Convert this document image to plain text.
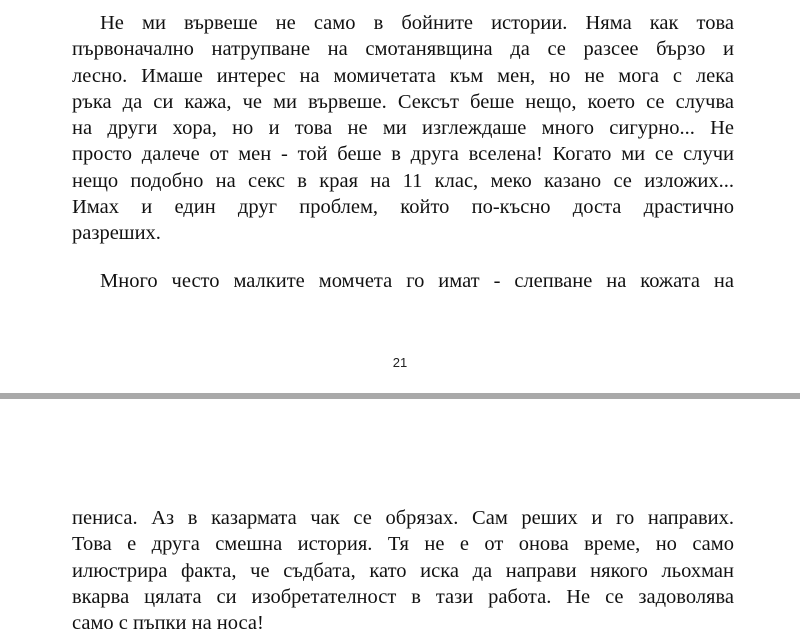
Не ми вървеше не само в бойните истории. Няма как това
първоначално натрупване на смотанявщина да се разсее бързо и
лесно. Имаше интерес на момичетата към мен, но не мога с лека
ръка да си кажа, че ми вървеше. Сексът беше нещо, което се случва
на други хора, но и това не ми изглеждаше много сигурно... Не
просто далече от мен - той беше в друга вселена! Когато ми се случи
нещо подобно на секс в края на 11 клас, меко казано се изложих...
Имах и един друг проблем, който по-късно доста драстично
разреших.
Много често малките момчета го имат - слепване на кожата на
21
пениса. Аз в казармата чак се обрязах. Сам реших и го направих.
Това е друга смешна история. Тя не е от онова време, но само
илюстрира факта, че съдбата, като иска да направи някого льохман
вкарва цялата си изобретателност в тази работа. Не се задоволява
само с пъпки на носа!
